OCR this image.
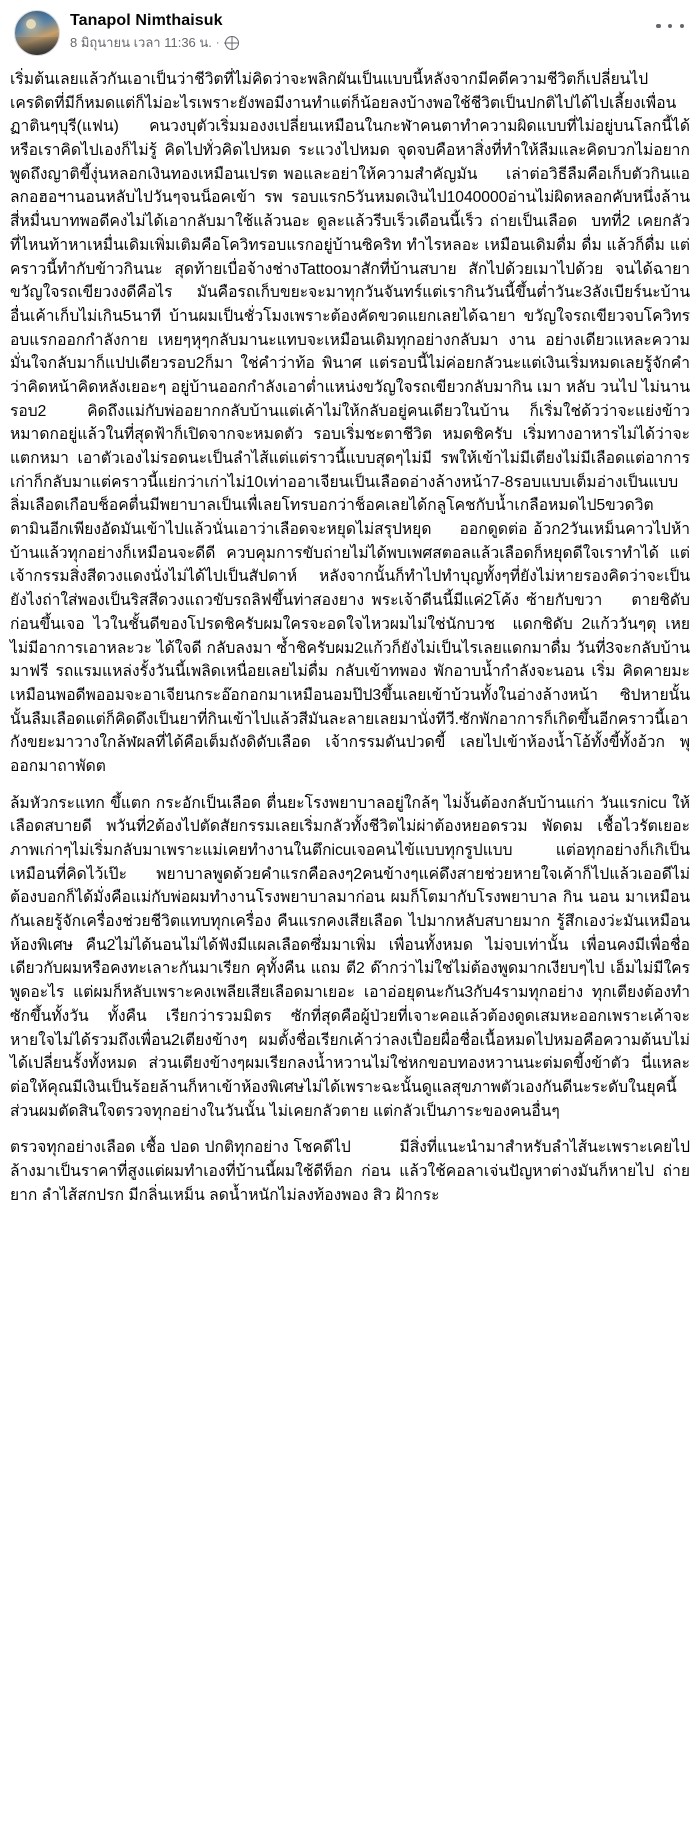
Tanapol Nimthaisuk
8 มิถุนายน เวลา 11:36 น. ·

เริ่มต้นเลยแล้วกันเอาเป็นว่าชีวิตที่ไม่คิดว่าจะพลิกผันเป็นแบบนี้หลังจากมีคดีความชีวิตก็เปลี่ยนไปเครดิตที่มีก็หมดแต่ก็ไม่อะไรเพราะยังพอมีงานทำแต่ก็น้อยลงบ้างพอใช้ชีวิตเป็นปกติไปได้ไปเลี้ยงเพื่อนฏาตินๆบุรี(แฟน) คนวงบุตัวเริ่มมองงเปลี่ยนเหมือนในกะฬ่าคนตาทำความผิดแบบที่ไม่อยู่บนโลกนี้ได้ หรือเราคิดไปเองก็ไม่รู้ คิดไปทั่วคิดไปหมด ระแวงไปหมด จุดจบคือหาสิ่งที่ทำให้ลืมและคิดบวกไม่อยากพูดถึงญาติขี้งุ่นหลอกเงินทองเหมือนเปรต พอและอย่าให้ความสำคัญมัน     เล่าต่อวิธีลืมคือเก็บตัวกินแอลกอฮอฯานอนหลับไปวันๆจนน็อคเข้า รพ รอบแรก5วันหมดเงินไป1040000อ่านไม่ผิดหลอกคับหนึ่งล้านสี่หมื่นบาทพอดีคงไม่ได้เอากลับมาใช้แล้วนอะ ดูละแล้วรีบเร็วเดือนนี้เร็ว ถ่ายเป็นเลือด  บทที่2 เคยกลัวที่ไหนท้าหาเหมื่นเดิมเพิ่มเติมคือโควิทรอบแรกอยู่บ้านซิคริท ทำไรหลอะ เหมือนเดิมดื่ม ดื่ม แล้วก็ดื่ม แต่คราวนี้ทำกับข้าวกินนะ สุดท้ายเบื่อจ้างช่างTattooมาสักที่บ้านสบาย สักไปด้วยเมาไปด้วย จนได้ฉายา ขวัญใจรถเขียวงงดีคือไร     มันคือรถเก็บขยะจะมาทุกวันจันทร์แต่เรากินวันนี้ขึ้นต่ำวันะ3ลังเบียร์นะบ้านอื่นเค้าเก็บไม่เกิน5นาที บ้านผมเป็นชั่วโมงเพราะต้องคัดขวดแยกเลยได้ฉายา ขวัญใจรถเขียวจบโควิทรอบแรกออกกำลังกาย เหยๆหุๆกลับมานะแทบจะเหมือนเดิมทุกอย่างกลับมา งาน อย่างเดียวแหละความมั่นใจกลับมาก็แปปเดียวรอบ2ก็มา ใช่คำว่าท้อ พินาศ แต่รอบนี้ไม่ค่อยกลัวนะแต่เงินเริ่มหมดเลยรู้จักคำว่าคิดหน้าคิดหลังเยอะๆ อยู่บ้านออกกำลังเอาต่ำแหน่งขวัญใจรถเขียวกลับมากิน เมา หลับ วนไป ไม่นานรอบ2      คิดถึงแม่กับพ่ออยากกลับบ้านแต่เค้าไม่ให้กลับอยู่คนเดียวในบ้าน   ก็เริ่มใช่ด้วว่าจะแย่งข้าวหมาดกอยู่แล้วในที่สุดฟ้าก็เปิดจากจะหมดตัว รอบเริ่มชะตาชีวิต หมดชิครับ เริ่มทางอาหารไม่ได้ว่าจะแตกหมา เอาตัวเองไม่รอดนะเป็นลำไส้แต่แต่ราวนี้แบบสุดๆไม่มี รพให้เข้าไม่มีเตียงไม่มีเลือดแต่อาการเก่าก็กลับมาแต่คราวนี้แย่กว่าเก่าไม่10เท่าออาเจียนเป็นเลือดอ่างล้างหน้า7-8รอบแบบเต็มอ่างเป็นแบบลิ่มเลือดเกือบช็อคตื่นมีพยาบาลเป็นเพื่เลยโทรบอกว่าช็อคเลยได้กลูโคชกับน้ำเกลือหมดไป5ขวดวิตตามินอีกเพียงอัดมันเข้าไปแล้วนั่นเอาว่าเลือดจะหยุดไม่สรุปหยุด     ออกดูดต่อ อ้วก2วันเหม็นคาวไปห้าบ้านแล้วทุกอย่างก็เหมือนจะดีดี ควบคุมการขับถ่ายไม่ได้พบเพศสตอลแล้วเลือดก็หยุดดีใจเราทำได้ แต่เจ้ากรรมสิ่งสีดวงแดงนั่งไม่ได้ไปเป็นสัปดาห์   หลังจากนั้นก็ทำไปทำบุญทั้งๆที่ยังไม่หายรองคิดว่าจะเป็นยังไงถ่าใส่พองเป็นริสสีดวงแถวขับรถลิฟขึ้นท่าสองยาง พระเจ้าดีนนี้มีแค่2โค้ง ซ้ายกับขวา    ตายชิดับก่อนขึ้นเจอ ไวในชั้นดีของโปรดชิครับผมใครจะอดใจไหวผมไม่ใช่นักบวช  แดกชิดับ 2แก้ววันๆตุ เหย ไม่มีอาการเอาหละวะ ได้ใจดี กลับลงมา ซ้ำชิครับผม2แก้วก็ยังไม่เป็นไรเลยแดกมาดื่ม วันที่3จะกลับบ้านมาฟรี รถแรมแหล่งรั้งวันนี้เพลิดเหนื่อยเลยไม่ดื่ม กลับเข้าทพอง พักอาบน้ำกำลังจะนอน เริ่ม คิดคายมะเหมือนพอดีพออมจะอาเจียนกระอ๊อกอกมาเหมือนอมป๊ป3ขึ้นเลยเข้าบ้วนทั้งในอ่างล้างหน้า ซิปหายนั้นนั้นลืมเลือดแต่ก็คิดดึงเป็นยาที่กินเข้าไปแล้วสีมันละลายเลยมานั่งทีวี.ซักพักอาการก็เกิดขึ้นอีกคราวนี้เอากังขยะมาวางใกล้ฬผลที่ได้คือเต็มถังดิดับเลือด เจ้ากรรมดันปวดขี้ เลยไปเข้าห้องน้ำโอ้ทั้งขี้ทั้งอ้วก พุ ออกมาถาพัดต

ล้มหัวกระแทก ขึ้แตก กระอักเป็นเลือด ตื่นยะโรงพยาบาลอยู่ใกล้ๆ ไม่งั้นต้องกลับบ้านแก่า วันแรกicu ให้เลือดสบายดี พวันที่2ต้องไปตัดสัยกรรมเลยเริ่มกลัวทั้งชีวิตไม่ผ่าต้องหยอดรวม พัดดม เชื้อไวรัตเยอะ ภาพเก่าๆไม่เริ่มกลับมาเพราะแม่เคยทำงานในตึกicuเจอคนไข้แบบทุกรูปแบบ แต่อทุกอย่างก็เกิเป็นเหมือนที่คิดไว้เป๊ะ พยาบาลพูดด้วยคำแรกคือลงๆ2คนข้างๆแค่ดึงสายช่วยหายใจเค้าก็ไปแล้วเออดีไม่ต้องบอกก็ได้มั่งคือแม่กับพ่อผมทำงานโรงพยาบาลมาก่อน ผมก็โตมากับโรงพยาบาล กิน นอน มาเหมือนกันเลยรู้จักเครื่องช่วยชีวิตแทบทุกเครื่อง คืนแรกคงเสียเลือด ไปมากหลับสบายมาก รู้สึกเองว่ะมันเหมือนห้องพิเศษ คืน2ไม่ได้นอนไม่ได้ฟังมีแผลเลือดซึ่มมาเพิ่ม เพื่อนทั้งหมด ไม่จบเท่านั้น เพื่อนคงมีเพื่อชื่อเดียวกับผมหรือคงทะเลาะกันมาเรียก คุทั้งคืน แถม ตี2 ด๊ากว่าไม่ใช่ไม่ต้องพูดมากเงียบๆไป เอ็มไม่มีใครพูดอะไร แต่ผมก็หลับเพราะคงเพลียเสียเลือดมาเยอะ เอาอ่อยุดนะกัน3กับ4รามทุกอย่าง ทุกเตียงต้องทำซักขึ้นทั้งวัน ทั้งคืน เรียกว่ารวมมิตร ซักที่สุดคือผู้ป่วยที่เจาะคอแล้วต้องดูดเสมหะออกเพราะเค้าจะหายใจไม่ได้รวมถึงเพื่อน2เตียงข้างๆ ผมตั้งชื่อเรียกเค้าว่าลงเปื่อยผื่อชื่อเนื้อหมดไปหมอคือความต้นบไม่ได้เปลี่ยนรั้งทั้งหมด ส่วนเตียงข้างๆผมเรียกลงน้ำหวานไม่ใช่หกขอบทองหวานนะต่มดขี้งข้าตัว นี่แหละต่อให้คุณมีเงินเป็นร้อยล้านก็หาเข้าห้องพิเศษไม่ได้เพราะฉะนั้นดูแลสุขภาพตัวเองกันดีนะระดับในยุคนี้ ส่วนผมตัดสินใจตรวจทุกอย่างในวันนั้น ไม่เคยกลัวตาย แต่กลัวเป็นภาระของคนอื่นๆ

ตรวจทุกอย่างเลือด เชื้อ ปอด ปกติทุกอย่าง โชคดีไป          มีสิ่งที่แนะนำมาสำหรับลำไส้นะเพราะเคยไปล้างมาเป็นราคาที่สูงแต่ผมทำเองที่บ้านนี้ผมใช้ดีท็อก ก่อน แล้วใช้คอลาเจ่นปัญหาต่างมันก็หายไป ถ่ายยาก ลำไส้สกปรก มีกลิ่นเหม็น ลดน้ำหนักไม่ลงท้องพอง สิว ฝ้ากระ
